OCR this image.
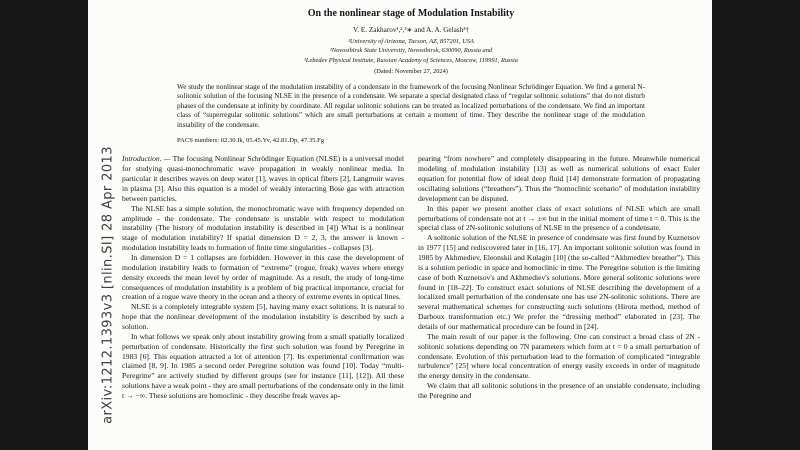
arXiv:1212.1393v3 [nlin.SI] 28 Apr 2013
On the nonlinear stage of Modulation Instability
V. E. Zakharov¹,²,³∗ and A. A. Gelash³†
¹University of Arizona, Tucson, AZ, 857201, USA
²Novosibirsk State University, Novosibirsk, 630090, Russia and
³Lebedev Physical Institute, Russian Academy of Sciences, Moscow, 119991, Russia
(Dated: November 27, 2024)
We study the nonlinear stage of the modulation instability of a condensate in the framework of the focusing Nonlinear Schrödinger Equation. We find a general N-solitonic solution of the focusing NLSE in the presence of a condensate. We separate a special designated class of “regular solitonic solutions” that do not disturb phases of the condensate at infinity by coordinate. All regular solitonic solutions can be treated as localized perturbations of the condensate. We find an important class of “superregular solitonic solutions” which are small perturbations at certain a moment of time. They describe the nonlinear stage of the modulation instability of the condensate.
PACS numbers: 02.30.Ik, 05.45.Yv, 42.81.Dp, 47.35.Fg

Introduction. — The focusing Nonlinear Schrödinger Equation (NLSE) is a universal model for studying quasi-monochromatic wave propagation in weakly nonlinear media. In particular it describes waves on deep water [1], waves in optical fibers [2], Langmuir waves in plasma [3]. Also this equation is a model of weakly interacting Bose gas with attraction between particles.

The NLSE has a simple solution, the monochromatic wave with frequency depended on amplitude - the condensate. The condensate is unstable with respect to modulation instability (The history of modulation instability is described in [4]) What is a nonlinear stage of modulation instability? If spatial dimension D = 2, 3, the answer is known - modulation instability leads to formation of finite time singularities - collapses [3].

In dimension D = 1 collapses are forbidden. However in this case the development of modulation instability leads to formation of “extreme” (rogue, freak) waves where energy density exceeds the mean level by order of magnitude. As a result, the study of long-time consequences of modulation instability is a problem of big practical importance, crucial for creation of a rogue wave theory in the ocean and a theory of extreme events in optical lines.

NLSE is a completely integrable system [5], having many exact solutions. It is natural to hope that the nonlinear development of the modulation instability is described by such a solution.

In what follows we speak only about instability growing from a small spatially localized perturbation of condensate. Historically the first such solution was found by Peregrine in 1983 [6]. This equation attracted a lot of attention [7]. Its experimental confirmation was claimed [8, 9]. In 1985 a second order Peregrine solution was found [10]. Today “multi-Peregrine” are actively studied by different groups (see for instance [11], [12]). All these solutions have a weak point - they are small perturbations of the condensate only in the limit t → −∞. These solutions are homoclinic - they describe freak waves ap-

pearing “from nowhere” and completely disappearing in the future. Meanwhile numerical modeling of modulation instability [13] as well as numerical solutions of exact Euler equation for potential flow of ideal deep fluid [14] demonstrate formation of propagating oscillating solutions (“breathers”). Thus the “homoclinic scenario” of modulation instability development can be disputed.

In this paper we present another class of exact solutions of NLSE which are small perturbations of condensate not at t → ±∞ but in the initial moment of time t = 0. This is the special class of 2N-solitonic solutions of NLSE in the presence of a condensate.

A solitonic solution of the NLSE in presence of condensate was first found by Kuznetsov in 1977 [15] and rediscovered later in [16, 17]. An important solitonic solution was found in 1985 by Akhmediev, Eleonskii and Kulagin [10] (the so-called “Akhmediev breather”). This is a solution periodic in space and homoclinic in time. The Peregrine solution is the limiting case of both Kuznetsov's and Akhmediev's solutions. More general solitonic solutions were found in [18–22]. To construct exact solutions of NLSE describing the development of a localized small perturbation of the condensate one has use 2N-solitonic solutions. There are several mathematical schemes for constructing such solutions (Hirota method, method of Darboux transformation etc.) We prefer the “dressing method” elaborated in [23]. The details of our mathematical procedure can be found in [24].

The main result of our paper is the following. One can construct a broad class of 2N - solitonic solutions depending on 7N parameters which form at t = 0 a small perturbation of condensate. Evolution of this perturbation lead to the formation of complicated “integrable turbulence” [25] where local concentration of energy easily exceeds in order of magnitude the energy density in the condensate.

We claim that all solitonic solutions in the presence of an unstable condensate, including the Peregrine and
